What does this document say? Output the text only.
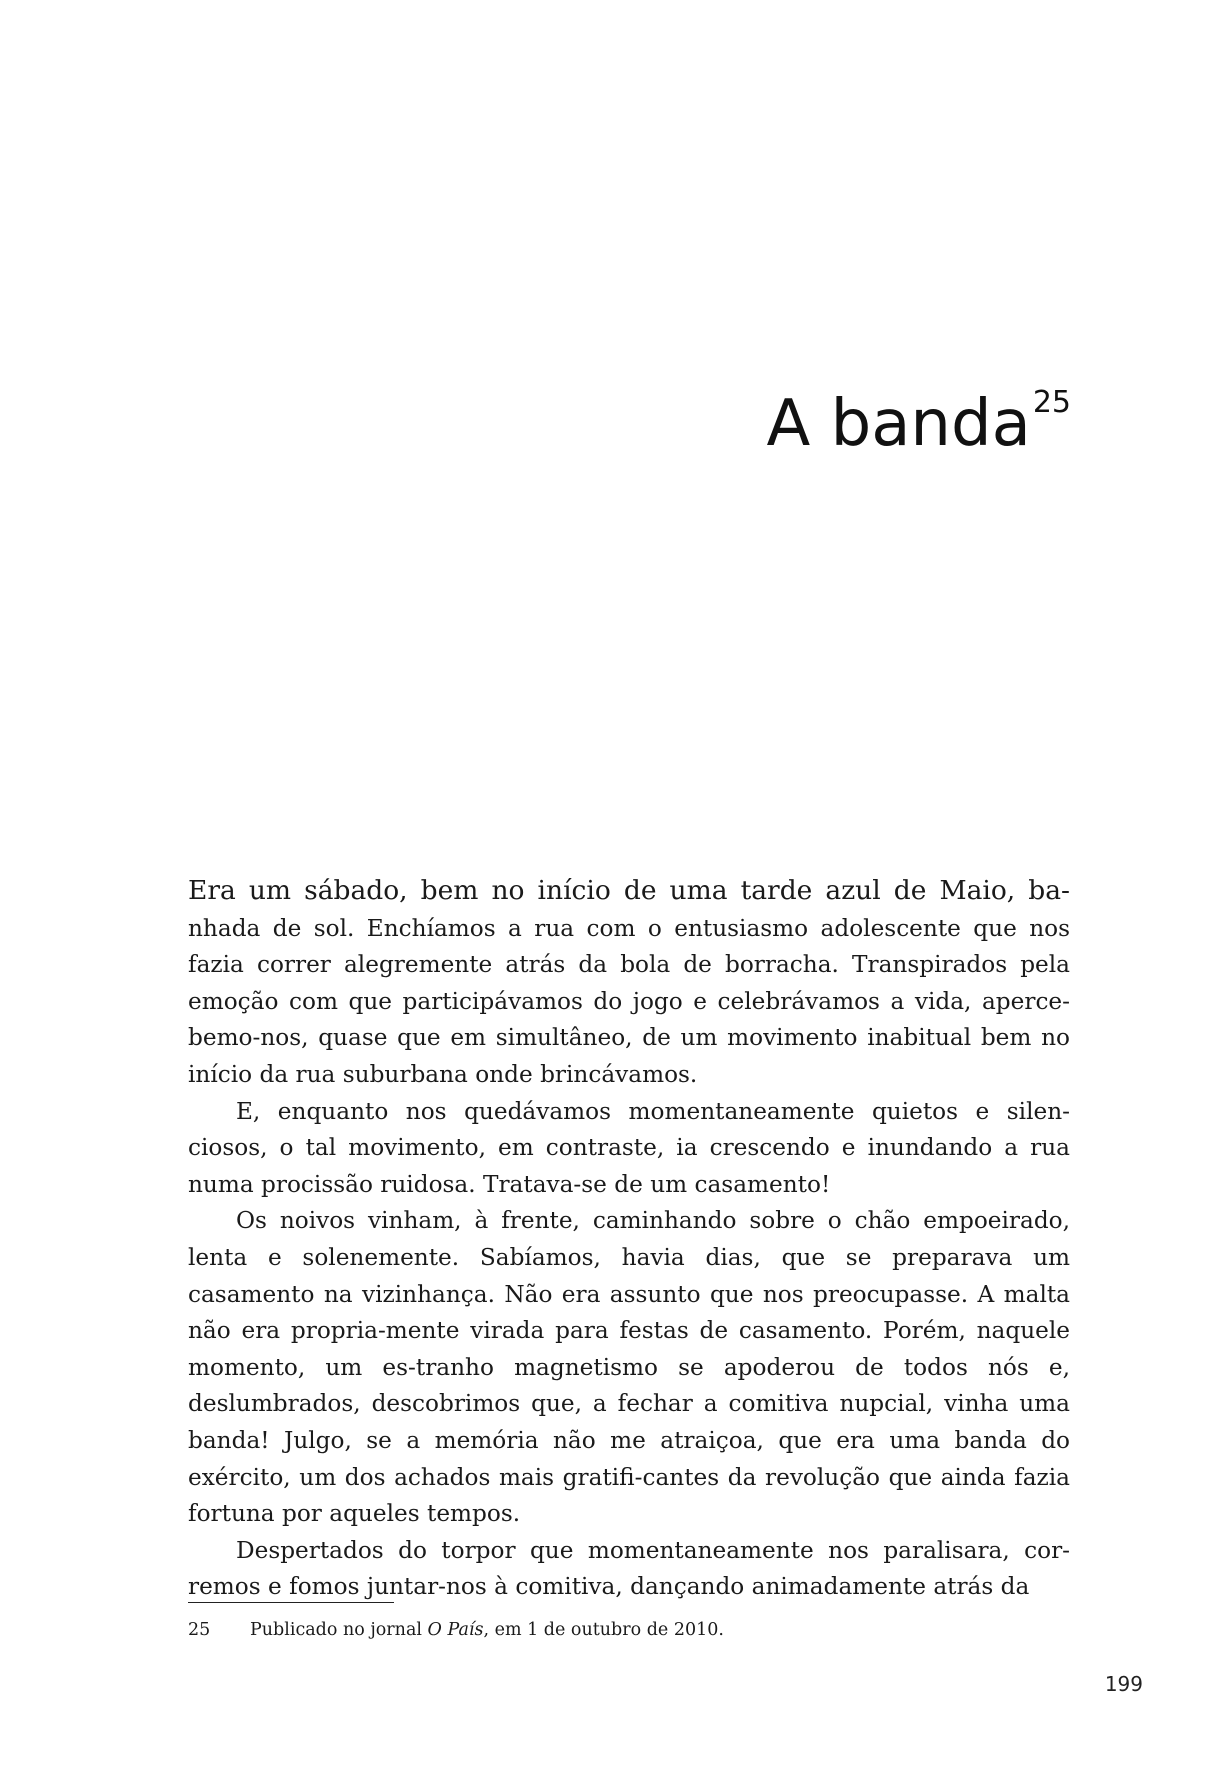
A banda$^{25}$

Era um sábado, bem no início de uma tarde azul de Maio, ba- nhada de sol. Enchíamos a rua com o entusiasmo adolescente que nos fazia correr alegremente atrás da bola de borracha. Transpirados pela emoção com que participávamos do jogo e celebrávamos a vida, aperce-bemo-nos, quase que em simultâneo, de um movimento inabitual bem no início da rua suburbana onde brincávamos.

E, enquanto nos quedávamos momentaneamente quietos e silen-ciosos, o tal movimento, em contraste, ia crescendo e inundando a rua numa procissão ruidosa. Tratava-se de um casamento!

Os noivos vinham, à frente, caminhando sobre o chão empoeirado, lenta e solenemente. Sabíamos, havia dias, que se preparava um casamento na vizinhança. Não era assunto que nos preocupasse. A malta não era propria-mente virada para festas de casamento. Porém, naquele momento, um es-tranho magnetismo se apoderou de todos nós e, deslumbrados, descobrimos que, a fechar a comitiva nupcial, vinha uma banda! Julgo, se a memória não me atraiçoa, que era uma banda do exército, um dos achados mais gratifi-cantes da revolução que ainda fazia fortuna por aqueles tempos.

Despertados do torpor que momentaneamente nos paralisara, cor-remos e fomos juntar-nos à comitiva, dançando animadamente atrás da

25 Publicado no jornal O País, em 1 de outubro de 2010.
199
